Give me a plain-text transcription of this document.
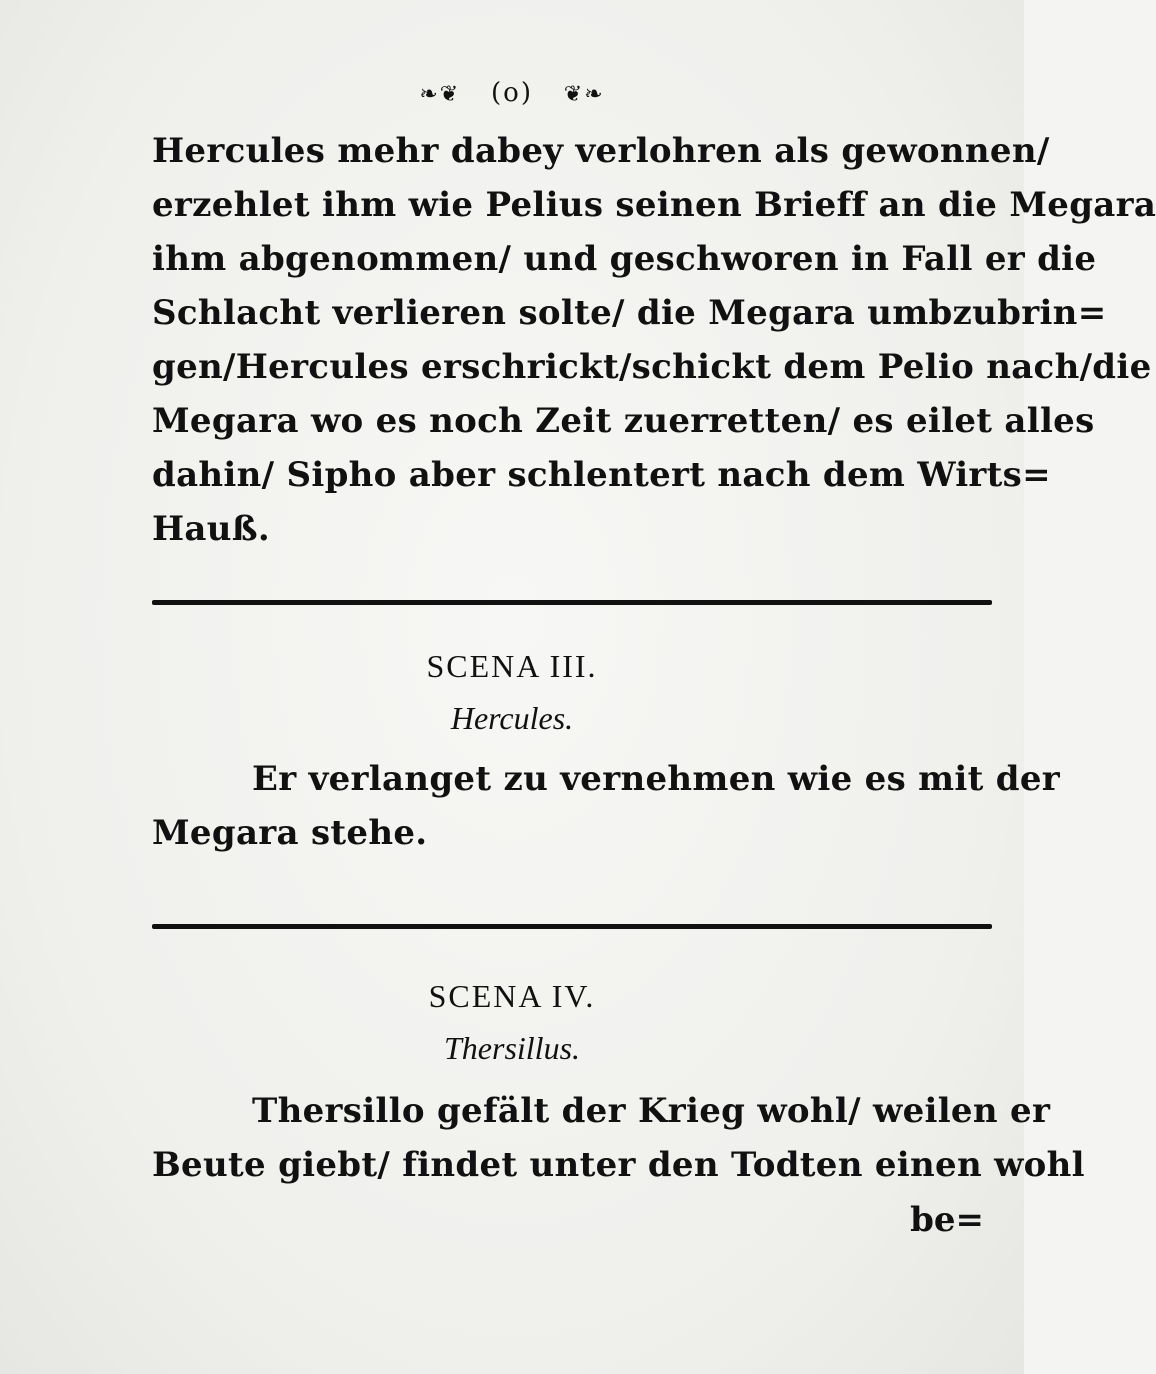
❧❦ (o) ❦❧
Hercules mehr dabey verlohren als gewonnen/
erzehlet ihm wie Pelius seinen Brieff an die Megara
ihm abgenommen/ und geschworen in Fall er die
Schlacht verlieren solte/ die Megara umbzubrin=
gen/Hercules erschrickt/schickt dem Pelio nach/die
Megara wo es noch Zeit zuerretten/ es eilet alles
dahin/ Sipho aber schlentert nach dem Wirts=
Hauß.
SCENA III.
Hercules.
Er verlanget zu vernehmen wie es mit der
Megara stehe.
SCENA IV.
Thersillus.
Thersillo gefält der Krieg wohl/ weilen er
Beute giebt/ findet unter den Todten einen wohl
be=
